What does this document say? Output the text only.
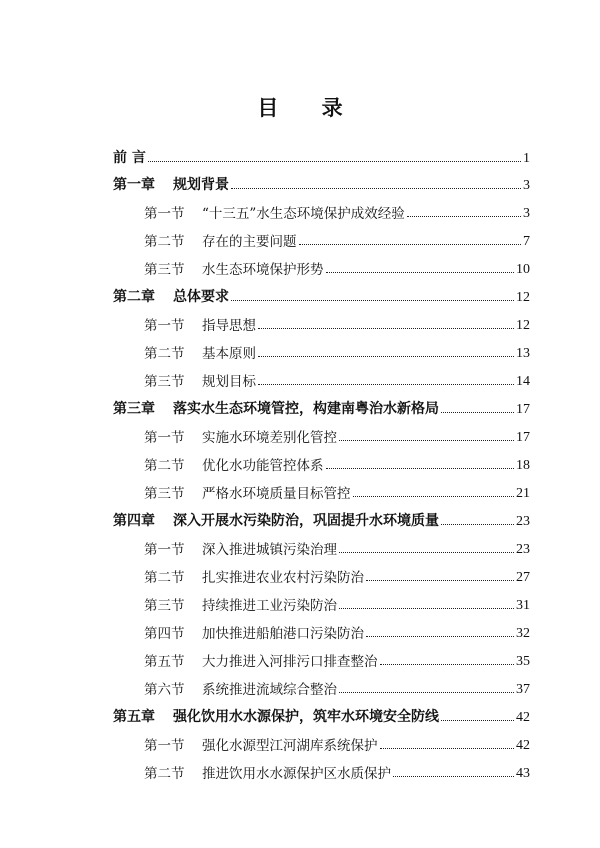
目 录
前 言	1
第一章	规划背景	3
第一节	“十三五”水生态环境保护成效经验	3
第二节	存在的主要问题	7
第三节	水生态环境保护形势	10
第二章	总体要求	12
第一节	指导思想	12
第二节	基本原则	13
第三节	规划目标	14
第三章	落实水生态环境管控，构建南粤治水新格局	17
第一节	实施水环境差别化管控	17
第二节	优化水功能管控体系	18
第三节	严格水环境质量目标管控	21
第四章	深入开展水污染防治，巩固提升水环境质量	23
第一节	深入推进城镇污染治理	23
第二节	扎实推进农业农村污染防治	27
第三节	持续推进工业污染防治	31
第四节	加快推进船舶港口污染防治	32
第五节	大力推进入河排污口排查整治	35
第六节	系统推进流域综合整治	37
第五章	强化饮用水水源保护，筑牢水环境安全防线	42
第一节	强化水源型江河湖库系统保护	42
第二节	推进饮用水水源保护区水质保护	43
